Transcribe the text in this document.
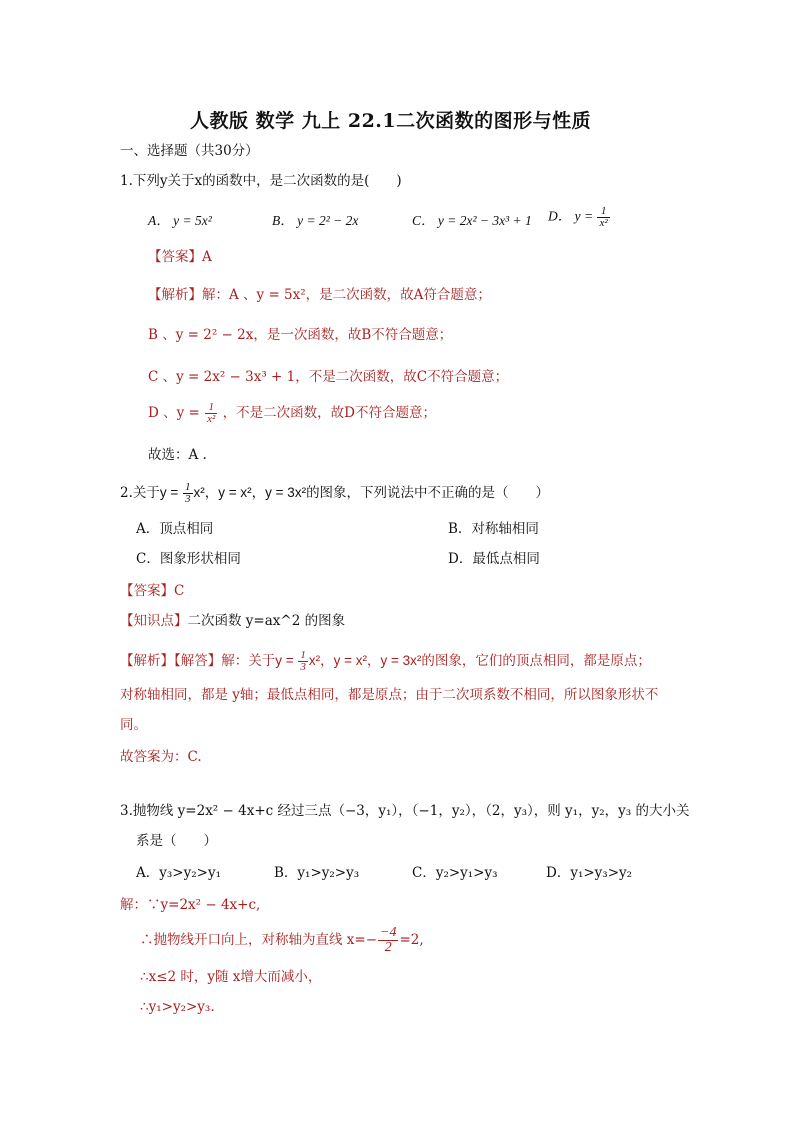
人教版 数学 九上 22.1二次函数的图形与性质
一、选择题（共30分）
1.下列y关于x的函数中，是二次函数的是(　　)
A． y = 5x²	B． y = 2² − 2x	C． y = 2x² − 3x³ + 1 D． $y = \frac{1}{\text{x²}}$
【答案】A
【解析】解：A 、y = 5x²，是二次函数，故A符合题意；
B 、y = 2² − 2x，是一次函数，故B不符合题意；
C 、y = 2x² − 3x³ + 1，不是二次函数，故C不符合题意；
D 、$y = \frac{1}{\text{x²}}$ ，不是二次函数，故D不符合题意；
故选：A .
2.关于$y = \frac{1}{3} x^2$，y = x²，y = 3x²的图象，下列说法中不正确的是（　　）
A．顶点相同	B．对称轴相同
C．图象形状相同	D．最低点相同
【答案】C
【知识点】二次函数 y=ax^2 的图象
【解析】【解答】解：关于$y = \frac{1}{3} x^2$，y = x²，y = 3x²的图象，它们的顶点相同，都是原点；
对称轴相同，都是 y轴；最低点相同，都是原点；由于二次项系数不相同，所以图象形状不
同。
故答案为：C.
3.抛物线 y=2x² − 4x+c 经过三点（−3，y₁），（−1，y₂），（2，y₃），则 y₁，y₂，y₃ 的大小关
系是（　　）
A．y₃>y₂>y₁	B．y₁>y₂>y₃	C．y₂>y₁>y₃	D．y₁>y₃>y₂
解：∵y=2x² − 4x+c,
∴抛物线开口向上，对称轴为直线 $x=- \frac{-4}{2} =2$,
∴x≤2 时，y随 x增大而减小，
∴y₁>y₂>y₃.
